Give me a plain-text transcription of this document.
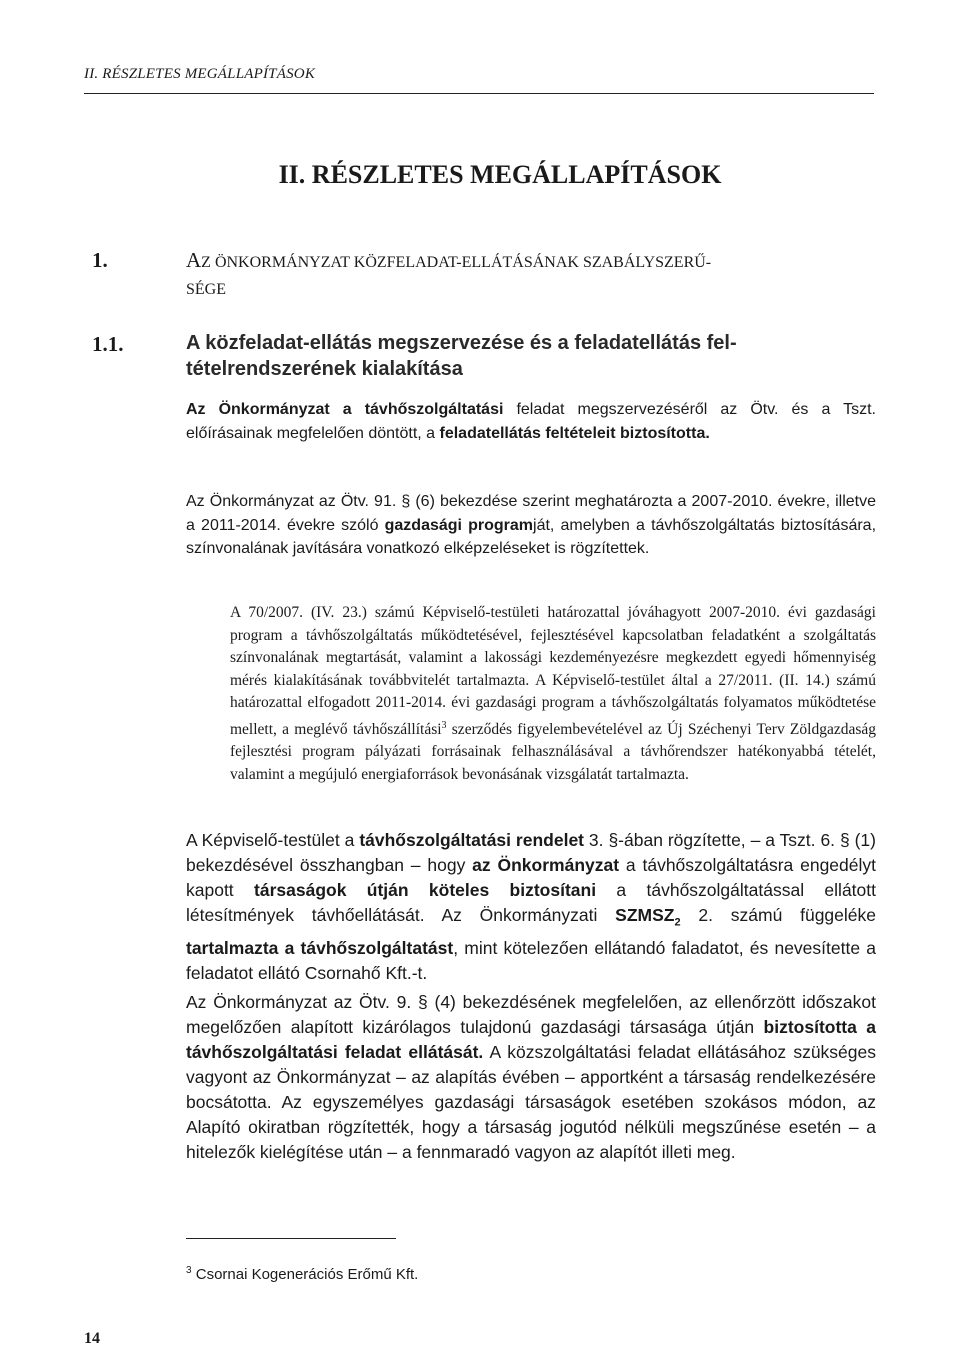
II. RÉSZLETES MEGÁLLAPÍTÁSOK
II. RÉSZLETES MEGÁLLAPÍTÁSOK
1.	AZ ÖNKORMÁNYZAT KÖZFELADAT-ELLÁTÁSÁNAK SZABÁLYSZERŰ-
SÉGE
1.1.	A közfeladat-ellátás megszervezése és a feladatellátás fel-
tételrendszerének kialakítása

Az Önkormányzat a távhőszolgáltatási feladat megszervezéséről az Ötv. és a Tszt. előírásainak megfelelően döntött, a feladatellátás feltételeit biztosította.

Az Önkormányzat az Ötv. 91. § (6) bekezdése szerint meghatározta a 2007-2010. évekre, illetve a 2011-2014. évekre szóló gazdasági programját, amelyben a távhőszolgáltatás biztosítására, színvonalának javítására vonatkozó elképzeléseket is rögzítettek.

A 70/2007. (IV. 23.) számú Képviselő-testületi határozattal jóváhagyott 2007-2010. évi gazdasági program a távhőszolgáltatás működtetésével, fejlesztésével kapcsolatban feladatként a szolgáltatás színvonalának megtartását, valamint a lakossági kezdeményezésre megkezdett egyedi hőmennyiség mérés kialakításának továbbvitelét tartalmazta. A Képviselő-testület által a 27/2011. (II. 14.) számú határozattal elfogadott 2011-2014. évi gazdasági program a távhőszolgáltatás folyamatos működtetése mellett, a meglévő távhőszállítási$^3$ szerződés figyelembevételével az Új Széchenyi Terv Zöldgazdaság fejlesztési program pályázati forrásainak felhasználásával a távhőrendszer hatékonyabbá tételét, valamint a megújuló energiaforrások bevonásának vizsgálatát tartalmazta.

A Képviselő-testület a távhőszolgáltatási rendelet 3. §-ában rögzítette, – a Tszt. 6. § (1) bekezdésével összhangban – hogy az Önkormányzat a távhőszolgáltatásra engedélyt kapott társaságok útján köteles biztosítani a távhőszolgáltatással ellátott létesítmények távhőellátását. Az Önkormányzati $SZMSZ_2$ 2. számú függeléke tartalmazta a távhőszolgáltatást, mint kötelezően ellátandó faladatot, és nevesítette a feladatot ellátó Csornahő Kft.-t.

Az Önkormányzat az Ötv. 9. § (4) bekezdésének megfelelően, az ellenőrzött időszakot megelőzően alapított kizárólagos tulajdonú gazdasági társasága útján biztosította a távhőszolgáltatási feladat ellátását. A közszolgáltatási feladat ellátásához szükséges vagyont az Önkormányzat – az alapítás évében – apportként a társaság rendelkezésére bocsátotta. Az egyszemélyes gazdasági társaságok esetében szokásos módon, az Alapító okiratban rögzítették, hogy a társaság jogutód nélküli megszűnése esetén – a hitelezők kielégítése után – a fennmaradó vagyon az alapítót illeti meg.

$^3$ Csornai Kogenerációs Erőmű Kft.
14
